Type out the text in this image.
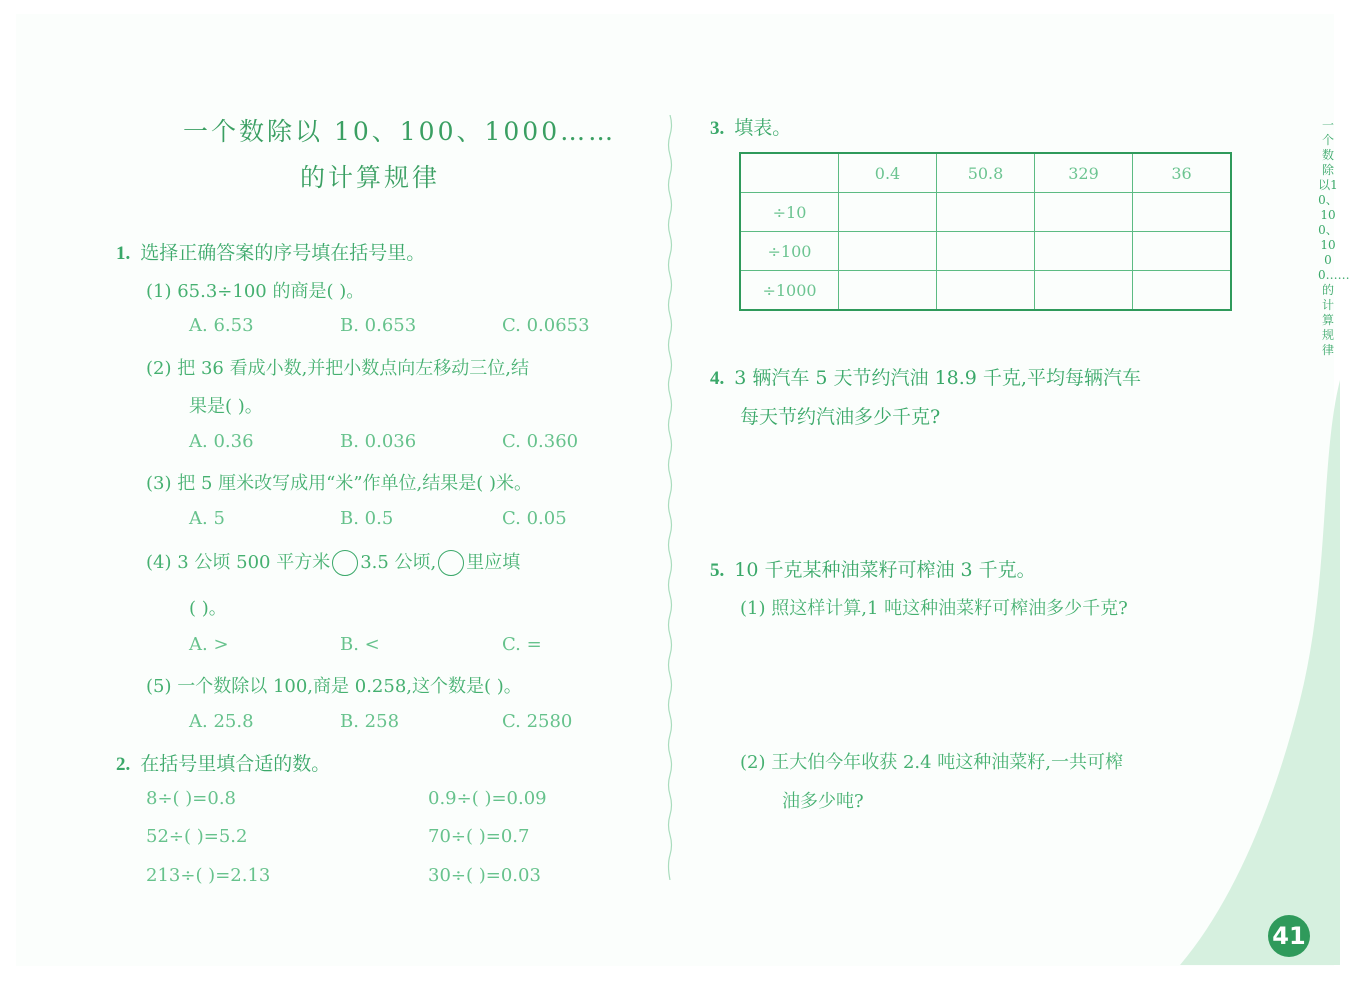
一个数除以 10、100、1000……
的计算规律
1. 选择正确答案的序号填在括号里。
(1) 65.3÷100 的商是( )。
A. 6.53	B. 0.653	C. 0.0653
(2) 把 36 看成小数,并把小数点向左移动三位,结
果是( )。
A. 0.36	B. 0.036	C. 0.360
(3) 把 5 厘米改写成用“米”作单位,结果是( )米。
A. 5	B. 0.5	C. 0.05
(4) 3 公顷 500 平方米 3.5 公顷, 里应填
( )。
A. >	B. <	C. =
(5) 一个数除以 100,商是 0.258,这个数是( )。
A. 25.8	B. 258	C. 2580
2. 在括号里填合适的数。
8÷( )=0.8	0.9÷( )=0.09
52÷( )=5.2	70÷( )=0.7
213÷( )=2.13	30÷( )=0.03
3. 填表。
	0.4	50.8	329	36
÷10				
÷100				
÷1000				
4. 3 辆汽车 5 天节约汽油 18.9 千克,平均每辆汽车
每天节约汽油多少千克?
5. 10 千克某种油菜籽可榨油 3 千克。
(1) 照这样计算,1 吨这种油菜籽可榨油多少千克?
(2) 王大伯今年收获 2.4 吨这种油菜籽,一共可榨
油多少吨?
一个数除以10、100、1000……的计算规律
41
